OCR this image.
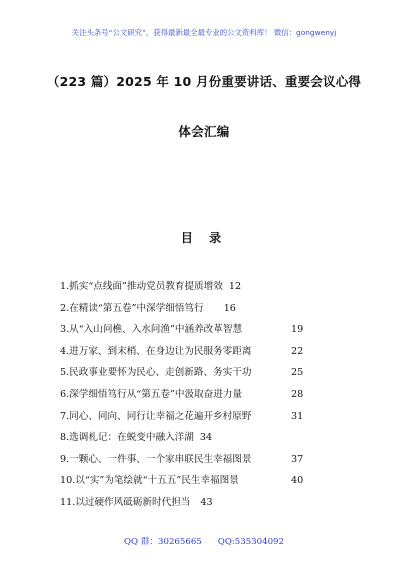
关注头条号“公文研究”，获得最新最全最专业的公文资料库！ 微信：gongwenyj
（223 篇）2025 年 10 月份重要讲话、重要会议心得
体会汇编
目 录
1.抓实“点线面”推动党员教育提质增效 12
2.在精读“第五卷”中深学细悟笃行 16
3.从“入山问樵、入水问渔”中涵养改革智慧	19
4.进万家、到末梢、在身边让为民服务零距离	22
5.民政事业要怀为民心、走创新路、务实干功	25
6.深学细悟笃行从“第五卷”中汲取奋进力量	28
7.同心、同向、同行让幸福之花遍开乡村原野	31
8.选调札记：在蜕变中融入洋湖 34
9.一颗心、一件事、一个家串联民生幸福图景	37
10.以“实”为笔绘就“十五五”民生幸福图景	40
11.以过硬作风砥砺新时代担当 43
QQ 群：30265665 QQ:535304092
